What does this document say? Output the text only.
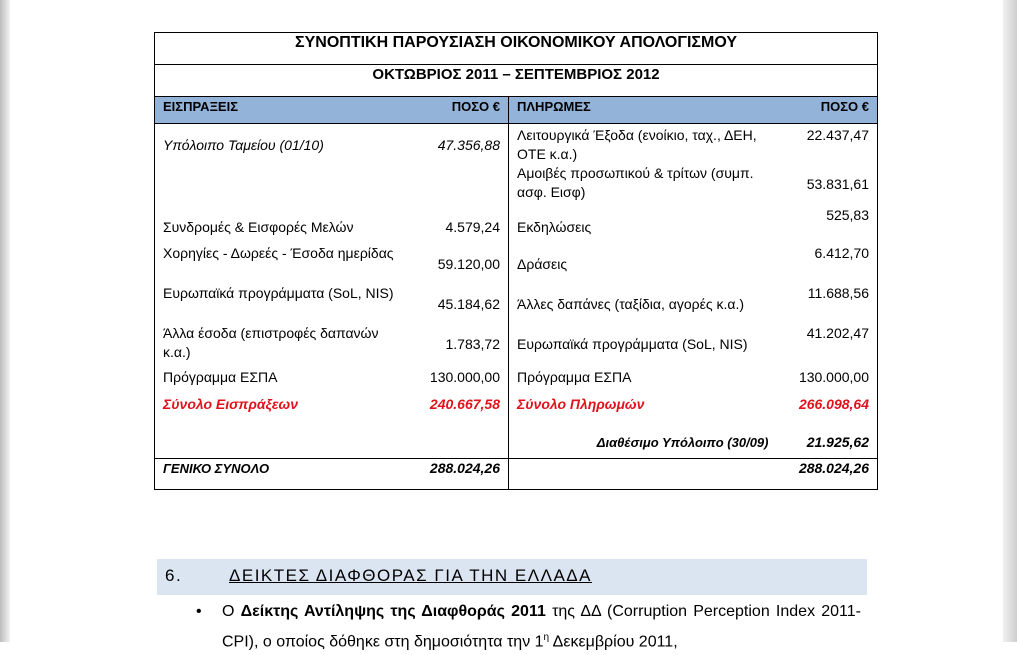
ΣΥΝΟΠΤΙΚΗ ΠΑΡΟΥΣΙΑΣΗ ΟΙΚΟΝΟΜΙΚΟΥ ΑΠΟΛΟΓΙΣΜΟΥ			
ΟΚΤΩΒΡΙΟΣ 2011 – ΣΕΠΤΕΜΒΡΙΟΣ 2012			
ΕΙΣΠΡΑΞΕΙΣ	ΠΟΣΟ €	ΠΛΗΡΩΜΕΣ	ΠΟΣΟ €
Υπόλοιπο Ταμείου (01/10)	47.356,88	Λειτουργικά Έξοδα (ενοίκιο, ταχ., ΔΕΗ, ΟΤΕ κ.α.)	22.437,47
		Αμοιβές προσωπικού & τρίτων (συμπ. ασφ. Εισφ)	53.831,61
Συνδρομές & Εισφορές Μελών	4.579,24	Εκδηλώσεις	525,83
Χορηγίες - Δωρεές - Έσοδα ημερίδας	59.120,00	Δράσεις	6.412,70
Ευρωπαϊκά προγράμματα (SoL, NIS)	45.184,62	Άλλες δαπάνες (ταξίδια, αγορές κ.α.)	11.688,56
Άλλα έσοδα (επιστροφές δαπανών κ.α.)	1.783,72	Ευρωπαϊκά προγράμματα (SoL, NIS)	41.202,47
Πρόγραμμα ΕΣΠΑ	130.000,00	Πρόγραμμα ΕΣΠΑ	130.000,00
Σύνολο Εισπράξεων	240.667,58	Σύνολο Πληρωμών	266.098,64
		Διαθέσιμο Υπόλοιπο (30/09)	21.925,62
ΓΕΝΙΚΟ ΣΥΝΟΛΟ	288.024,26		288.024,26
6.	ΔΕΙΚΤΕΣ ΔΙΑΦΘΟΡΑΣ ΓΙΑ ΤΗΝ ΕΛΛΑΔΑ
• Ο Δείκτης Αντίληψης της Διαφθοράς 2011 της ΔΔ (Corruption Perception Index 2011-CPI), ο οποίος δόθηκε στη δημοσιότητα την $1^\eta$ Δεκεμβρίου 2011,
